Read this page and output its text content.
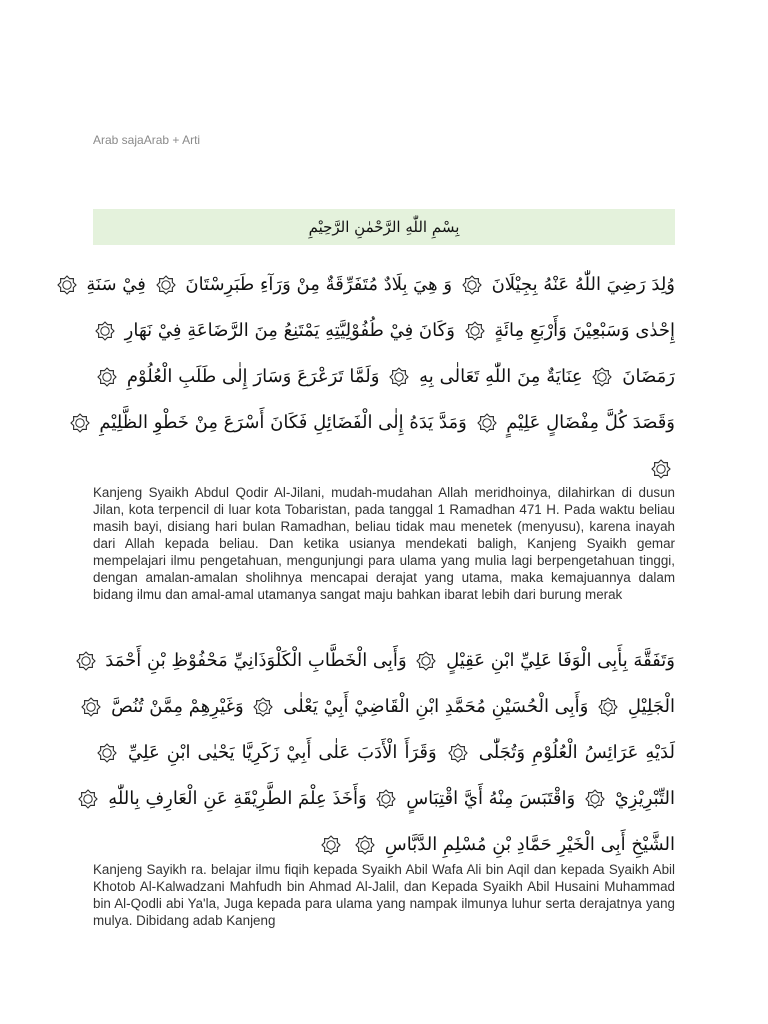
Arab sajaArab + Arti
بِسْمِ اللّٰهِ الرَّحْمٰنِ الرَّحِيْمِ
وُلِدَ رَضِيَ اللّٰهُ عَنْهُ بِجِيْلَانَ
وَ هِيَ بِلَادٌ مُتَفَرِّقَةٌ مِنْ وَرَآءِ طَبَرِسْتَانَ
فِيْ سَنَةِ
إِحْدٰى وَسَبْعِيْنَ وَأَرْبَعِ مِائَةٍ
وَكَانَ فِيْ طُفُوْلِيَّتِهِ يَمْتَنِعُ مِنَ الرَّضَاعَةِ فِيْ نَهَارِ
رَمَضَانَ
عِنَايَةٌ مِنَ اللّٰهِ تَعَالٰى بِهِ
وَلَمَّا تَرَعْرَعَ وَسَارَ إِلٰى طَلَبِ الْعُلُوْمِ
وَقَصَدَ كُلَّ مِفْضَالٍ عَلِيْمٍ
وَمَدَّ يَدَهُ إِلٰى الْفَضَائِلِ فَكَانَ أَسْرَعَ مِنْ خَطْوِ الظَّلِيْمِ
Kanjeng Syaikh Abdul Qodir Al-Jilani, mudah-mudahan Allah meridhoinya, dilahirkan di dusun Jilan, kota terpencil di luar kota Tobaristan, pada tanggal 1 Ramadhan 471 H. Pada waktu beliau masih bayi, disiang hari bulan Ramadhan, beliau tidak mau menetek (menyusu), karena inayah dari Allah kepada beliau. Dan ketika usianya mendekati baligh, Kanjeng Syaikh gemar mempelajari ilmu pengetahuan, mengunjungi para ulama yang mulia lagi berpengetahuan tinggi, dengan amalan-amalan sholihnya mencapai derajat yang utama, maka kemajuannya dalam bidang ilmu dan amal-amal utamanya sangat maju bahkan ibarat lebih dari burung merak
وَتَفَقَّهَ بِأَبِى الْوَفَا عَلِيِّ ابْنِ عَقِيْلٍ
وَأَبِى الْخَطَّابِ الْكَلْوَذَانِيِّ مَحْفُوْظِ بْنِ أَحْمَدَ
الْجَلِيْلِ
وَأَبِى الْحُسَيْنِ مُحَمَّدِ ابْنِ الْقَاضِيْ أَبِيْ يَعْلٰى
وَغَيْرِهِمْ مِمَّنْ تُنُصَّ
لَدَيْهِ عَرَائِسُ الْعُلُوْمِ وَتُجَلّٰى
وَقَرَأَ الْأَدَبَ عَلٰى أَبِيْ زَكَرِيَّا يَحْيٰى ابْنِ عَلِيِّ
التِّبْرِيْزِيْ
وَاقْتَبَسَ مِنْهُ أَيَّ اقْتِبَاسٍ
وَأَخَذَ عِلْمَ الطَّرِيْقَةِ عَنِ الْعَارِفِ بِاللّٰهِ
الشَّيْخِ أَبِى الْخَيْرِ حَمَّادِ بْنِ مُسْلِمِ الدَّبَّاسِ

Kanjeng Sayikh ra. belajar ilmu fiqih kepada Syaikh Abil Wafa Ali bin Aqil dan kepada Syaikh Abil Khotob Al-Kalwadzani Mahfudh bin Ahmad Al-Jalil, dan Kepada Syaikh Abil Husaini Muhammad bin Al-Qodli abi Ya'la, Juga kepada para ulama yang nampak ilmunya luhur serta derajatnya yang mulya. Dibidang adab Kanjeng
